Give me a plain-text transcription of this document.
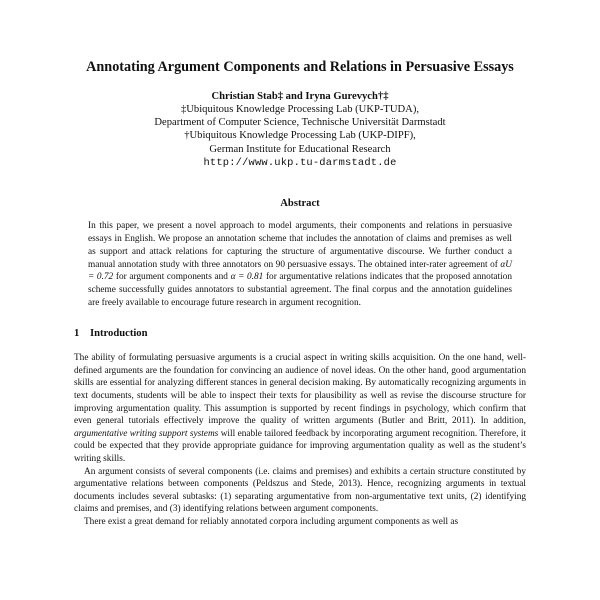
Annotating Argument Components and Relations in Persuasive Essays
Christian Stab‡ and Iryna Gurevych†‡
‡Ubiquitous Knowledge Processing Lab (UKP-TUDA),
Department of Computer Science, Technische Universität Darmstadt
†Ubiquitous Knowledge Processing Lab (UKP-DIPF),
German Institute for Educational Research
http://www.ukp.tu-darmstadt.de
Abstract
In this paper, we present a novel approach to model arguments, their components and relations in persuasive essays in English. We propose an annotation scheme that includes the annotation of claims and premises as well as support and attack relations for capturing the structure of argumentative discourse. We further conduct a manual annotation study with three annotators on 90 persuasive essays. The obtained inter-rater agreement of αU = 0.72 for argument components and α = 0.81 for argumentative relations indicates that the proposed annotation scheme successfully guides annotators to substantial agreement. The final corpus and the annotation guidelines are freely available to encourage future research in argument recognition.
1 Introduction
The ability of formulating persuasive arguments is a crucial aspect in writing skills acquisition. On the one hand, well-defined arguments are the foundation for convincing an audience of novel ideas. On the other hand, good argumentation skills are essential for analyzing different stances in general decision making. By automatically recognizing arguments in text documents, students will be able to inspect their texts for plausibility as well as revise the discourse structure for improving argumentation quality. This assumption is supported by recent findings in psychology, which confirm that even general tutorials effectively improve the quality of written arguments (Butler and Britt, 2011). In addition, argumentative writing support systems will enable tailored feedback by incorporating argument recognition. Therefore, it could be expected that they provide appropriate guidance for improving argumentation quality as well as the student’s writing skills.
An argument consists of several components (i.e. claims and premises) and exhibits a certain structure constituted by argumentative relations between components (Peldszus and Stede, 2013). Hence, recognizing arguments in textual documents includes several subtasks: (1) separating argumentative from non-argumentative text units, (2) identifying claims and premises, and (3) identifying relations between argument components.
There exist a great demand for reliably annotated corpora including argument components as well as
